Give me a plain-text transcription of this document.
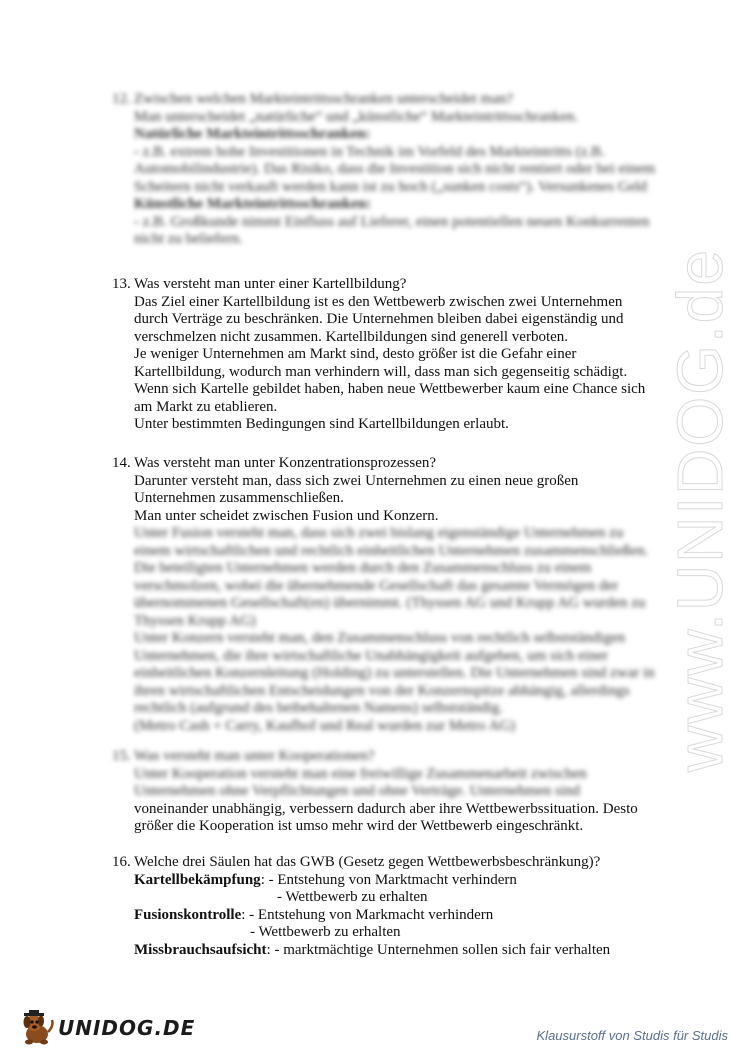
www.UNIDOG.de
12. Zwischen welchen Markteintrittsschranken unterscheidet man?
Man unterscheidet „natürliche“ und „künstliche“ Markteintrittsschranken.
Natürliche Markteintrittsschranken:
- z.B. extrem hohe Investitionen in Technik im Vorfeld des Markteintritts (z.B.
Automobilindustrie). Das Risiko, dass die Investition sich nicht rentiert oder bei einem
Scheitern nicht verkauft werden kann ist zu hoch („sunken costs“). Versunkenes Geld
Künstliche Markteintrittsschranken:
- z.B. Großkunde nimmt Einfluss auf Lieferer, einen potentiellen neuen Konkurrenten
nicht zu beliefern.
13. Was versteht man unter einer Kartellbildung?
Das Ziel einer Kartellbildung ist es den Wettbewerb zwischen zwei Unternehmen
durch Verträge zu beschränken. Die Unternehmen bleiben dabei eigenständig und
verschmelzen nicht zusammen. Kartellbildungen sind generell verboten.
Je weniger Unternehmen am Markt sind, desto größer ist die Gefahr einer
Kartellbildung, wodurch man verhindern will, dass man sich gegenseitig schädigt.
Wenn sich Kartelle gebildet haben, haben neue Wettbewerber kaum eine Chance sich
am Markt zu etablieren.
Unter bestimmten Bedingungen sind Kartellbildungen erlaubt.
14. Was versteht man unter Konzentrationsprozessen?
Darunter versteht man, dass sich zwei Unternehmen zu einen neue großen
Unternehmen zusammenschließen.
Man unter scheidet zwischen Fusion und Konzern.
Unter Fusion versteht man, dass sich zwei bislang eigenständige Unternehmen zu
einem wirtschaftlichen und rechtlich einheitlichen Unternehmen zusammenschließen.
Die beteiligten Unternehmen werden durch den Zusammenschluss zu einem
verschmolzen, wobei die übernehmende Gesellschaft das gesamte Vermögen der
übernommenen Gesellschaft(en) übernimmt. (Thyssen AG und Krupp AG wurden zu
Thyssen Krupp AG)
Unter Konzern versteht man, den Zusammenschluss von rechtlich selbstständigen
Unternehmen, die ihre wirtschaftliche Unabhängigkeit aufgeben, um sich einer
einheitlichen Konzernleitung (Holding) zu unterstellen. Die Unternehmen sind zwar in
ihren wirtschaftlichen Entscheidungen von der Konzernspitze abhängig, allerdings
rechtlich (aufgrund des beibehaltenen Namens) selbstständig.
(Metro Cash + Carry, Kaufhof und Real wurden zur Metro AG)
15. Was versteht man unter Kooperationen?
Unter Kooperation versteht man eine freiwillige Zusammenarbeit zwischen
Unternehmen ohne Verpflichtungen und ohne Verträge. Unternehmen sind
voneinander unabhängig, verbessern dadurch aber ihre Wettbewerbssituation. Desto
größer die Kooperation ist umso mehr wird der Wettbewerb eingeschränkt.
16. Welche drei Säulen hat das GWB (Gesetz gegen Wettbewerbsbeschränkung)?
Kartellbekämpfung: - Entstehung von Marktmacht verhindern
- Wettbewerb zu erhalten
Fusionskontrolle: - Entstehung von Markmacht verhindern
- Wettbewerb zu erhalten
Missbrauchsaufsicht: - marktmächtige Unternehmen sollen sich fair verhalten
UNIDOG.DE	Klausurstoff von Studis für Studis
